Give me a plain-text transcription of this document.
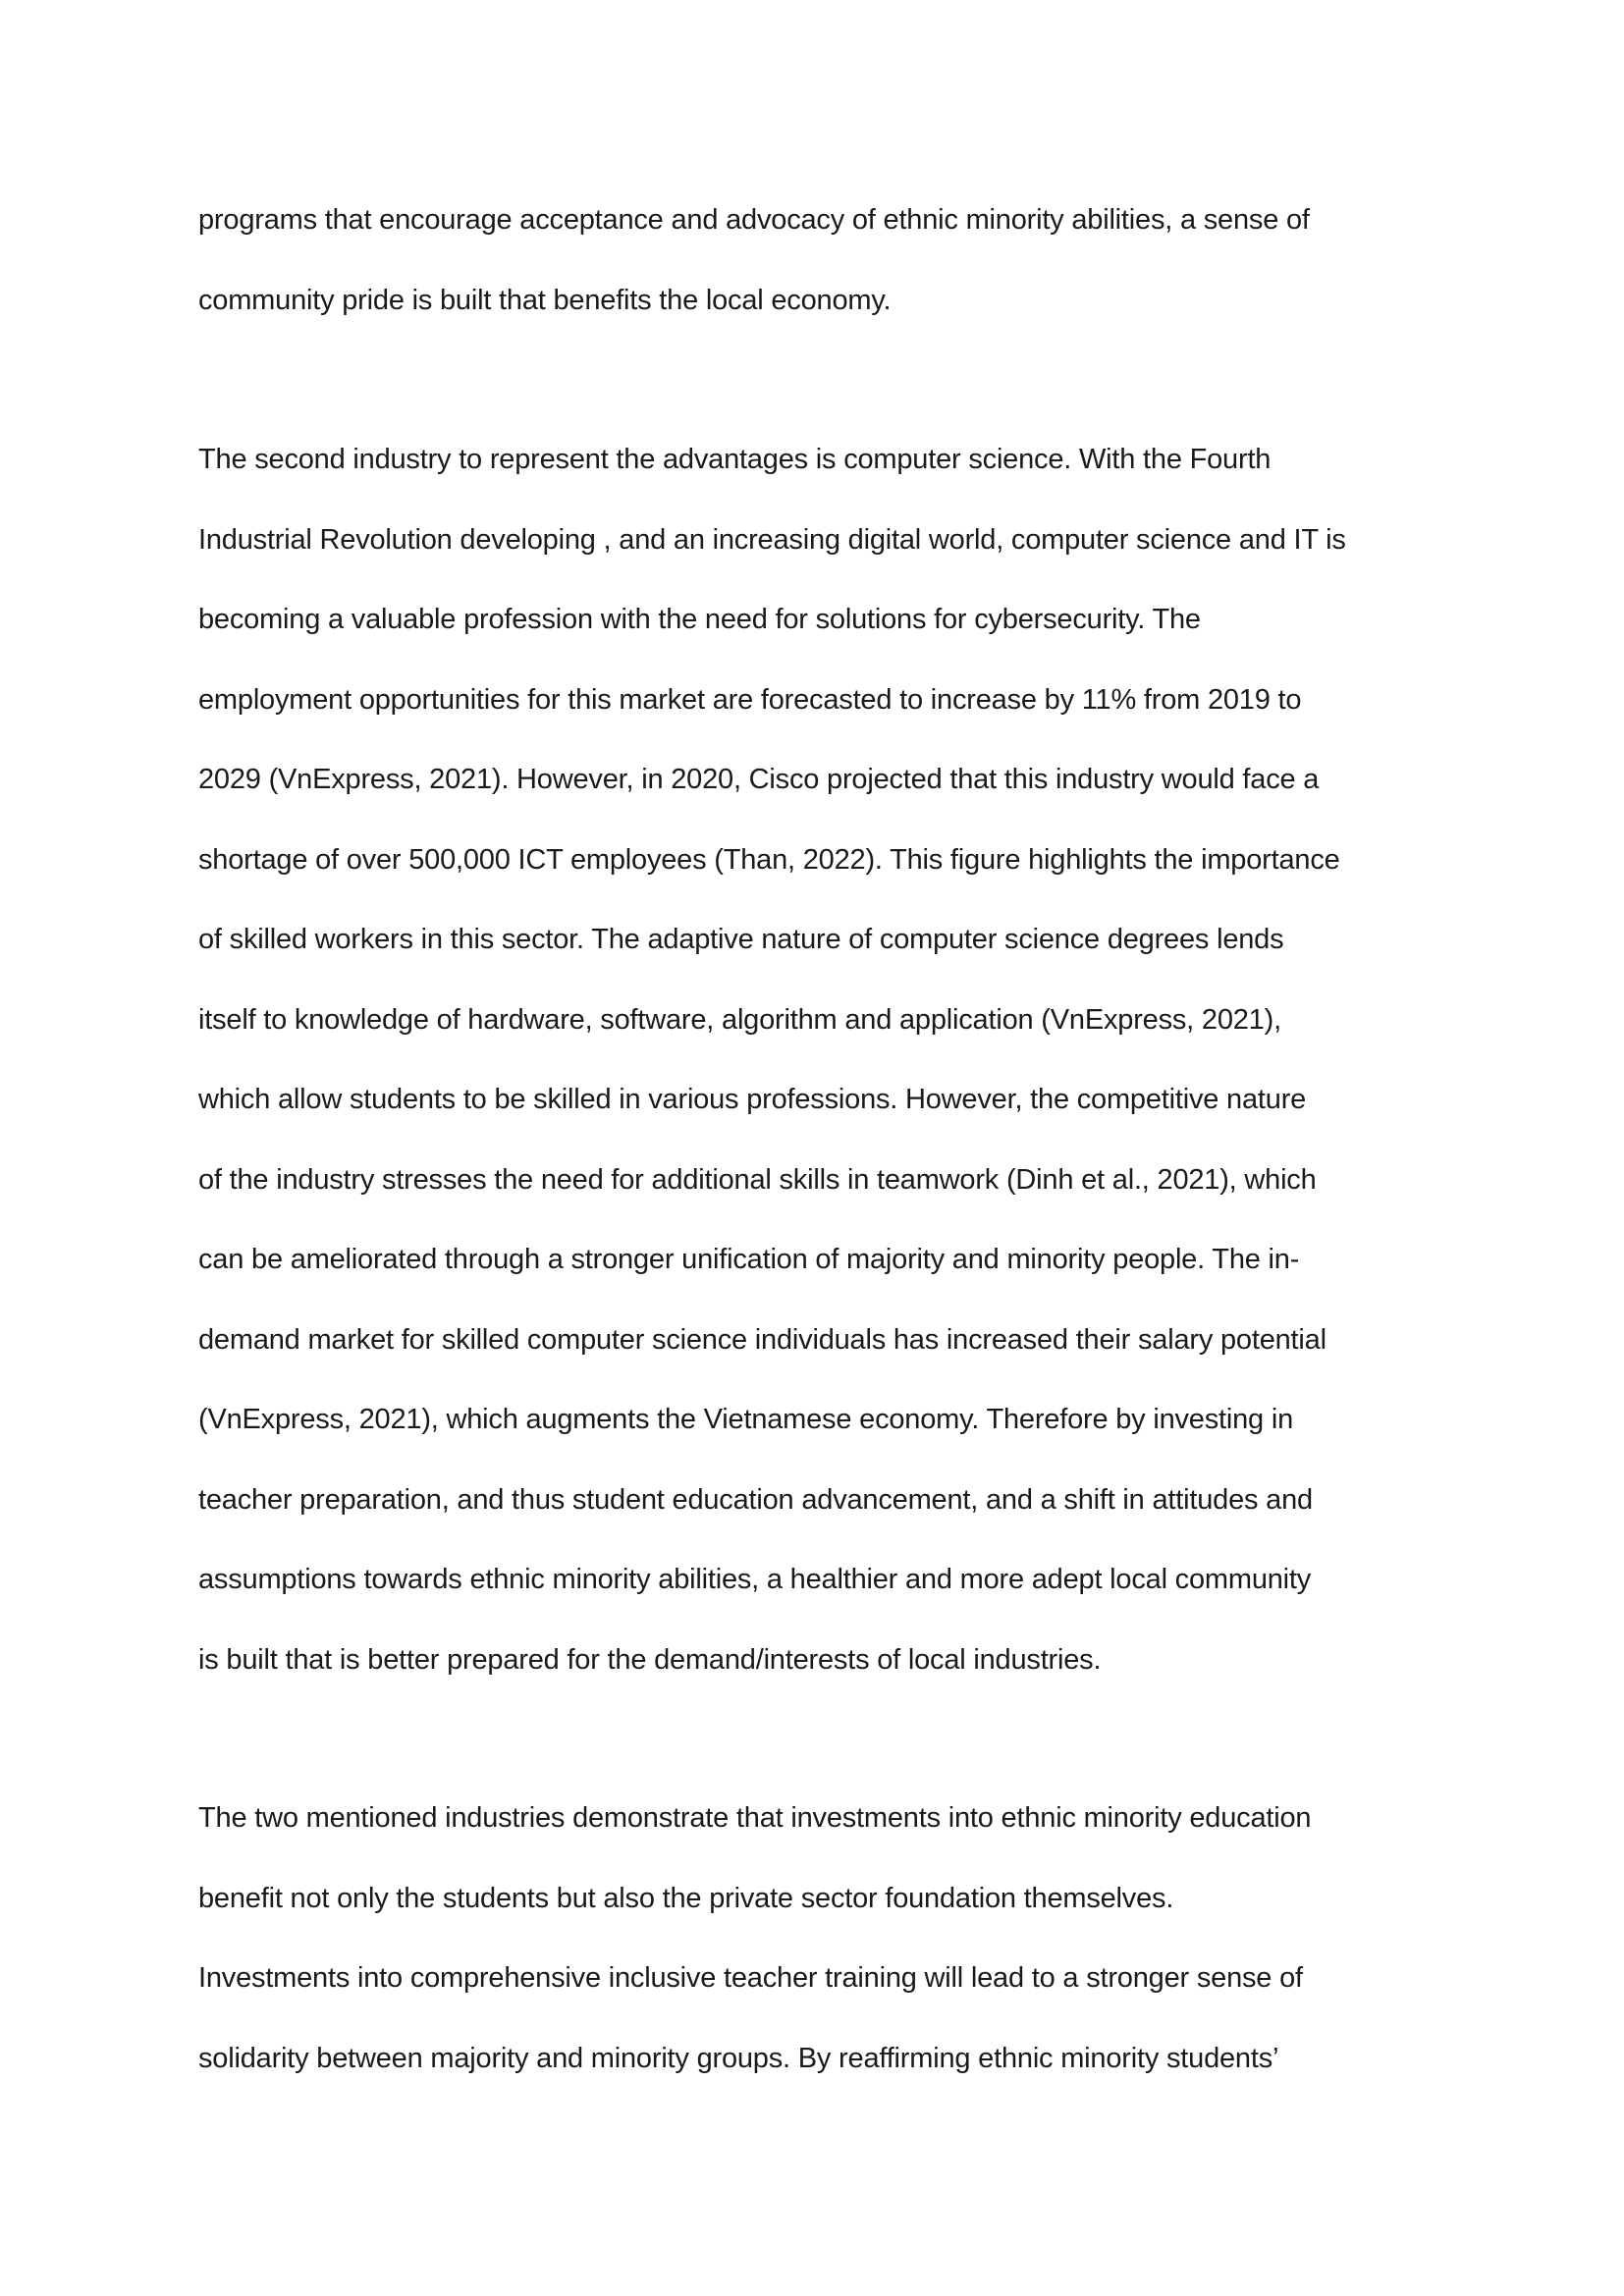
programs that encourage acceptance and advocacy of ethnic minority abilities, a sense of
community pride is built that benefits the local economy.
The second industry to represent the advantages is computer science. With the Fourth
Industrial Revolution developing , and an increasing digital world, computer science and IT is
becoming a valuable profession with the need for solutions for cybersecurity. The
employment opportunities for this market are forecasted to increase by 11% from 2019 to
2029 (VnExpress, 2021). However, in 2020, Cisco projected that this industry would face a
shortage of over 500,000 ICT employees (Than, 2022). This figure highlights the importance
of skilled workers in this sector. The adaptive nature of computer science degrees lends
itself to knowledge of hardware, software, algorithm and application (VnExpress, 2021),
which allow students to be skilled in various professions. However, the competitive nature
of the industry stresses the need for additional skills in teamwork (Dinh et al., 2021), which
can be ameliorated through a stronger unification of majority and minority people. The in-
demand market for skilled computer science individuals has increased their salary potential
(VnExpress, 2021), which augments the Vietnamese economy. Therefore by investing in
teacher preparation, and thus student education advancement, and a shift in attitudes and
assumptions towards ethnic minority abilities, a healthier and more adept local community
is built that is better prepared for the demand/interests of local industries.
The two mentioned industries demonstrate that investments into ethnic minority education
benefit not only the students but also the private sector foundation themselves.
Investments into comprehensive inclusive teacher training will lead to a stronger sense of
solidarity between majority and minority groups. By reaffirming ethnic minority students’
